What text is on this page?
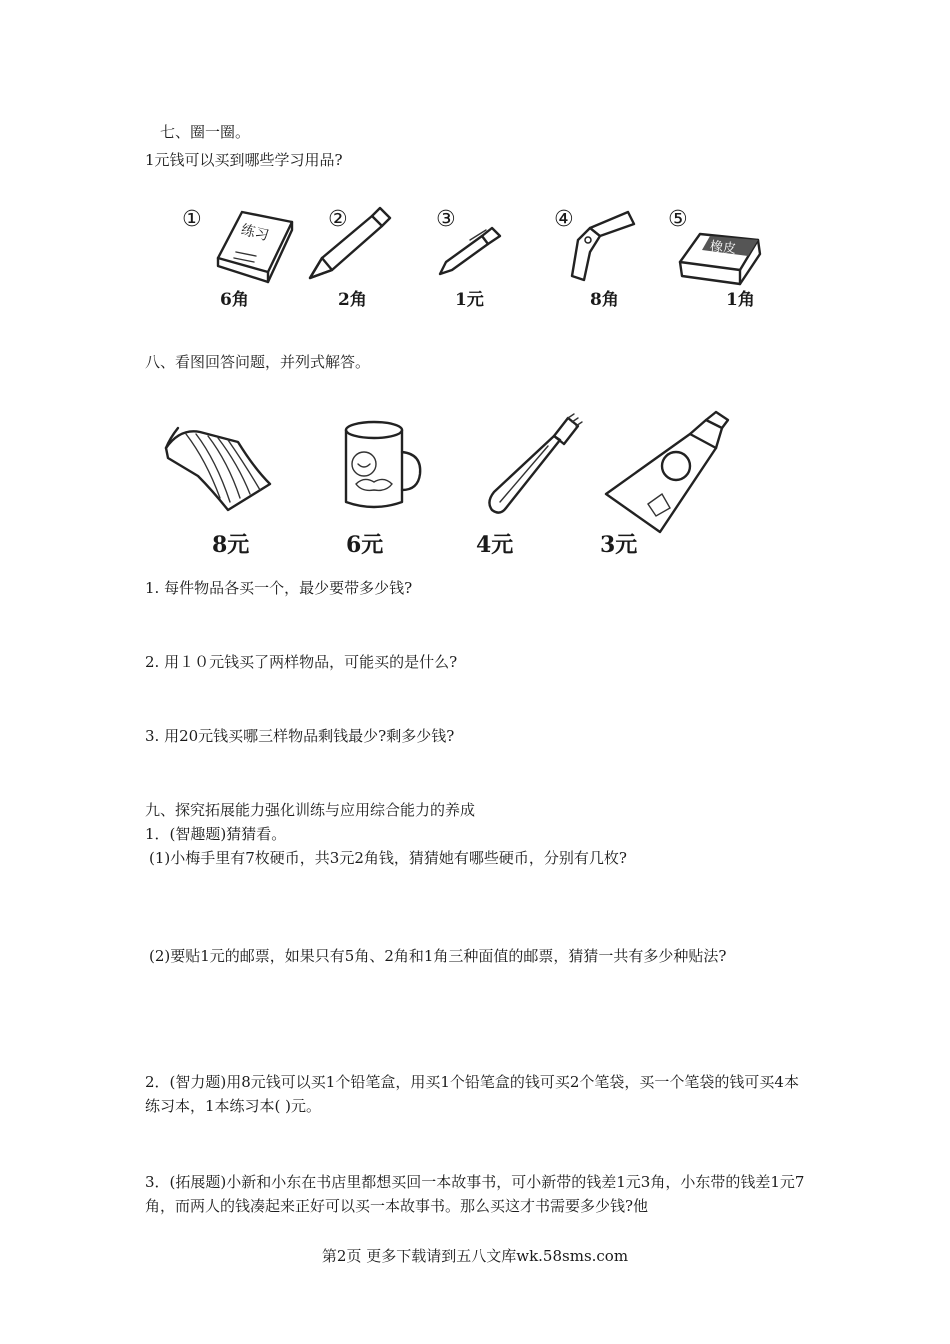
七、圈一圈。
1元钱可以买到哪些学习用品?
①
练习
6角
②
2角
③
1元
④
8角
⑤
橡皮
1角
八、看图回答问题，并列式解答。
8元	6元	4元
牙膏
3元
1. 每件物品各买一个，最少要带多少钱?
2. 用１０元钱买了两样物品，可能买的是什么?
3. 用20元钱买哪三样物品剩钱最少?剩多少钱?
九、探究拓展能力强化训练与应用综合能力的养成
1．(智趣题)猜猜看。
(1)小梅手里有7枚硬币，共3元2角钱，猜猜她有哪些硬币，分别有几枚?
(2)要贴1元的邮票，如果只有5角、2角和1角三种面值的邮票，猜猜一共有多少种贴法?
2．(智力题)用8元钱可以买1个铅笔盒，用买1个铅笔盒的钱可买2个笔袋，买一个笔袋的钱可买4本练习本，1本练习本( )元。
3．(拓展题)小新和小东在书店里都想买回一本故事书，可小新带的钱差1元3角，小东带的钱差1元7角，而两人的钱凑起来正好可以买一本故事书。那么买这才书需要多少钱?他
第2页 更多下载请到五八文库wk.58sms.com
